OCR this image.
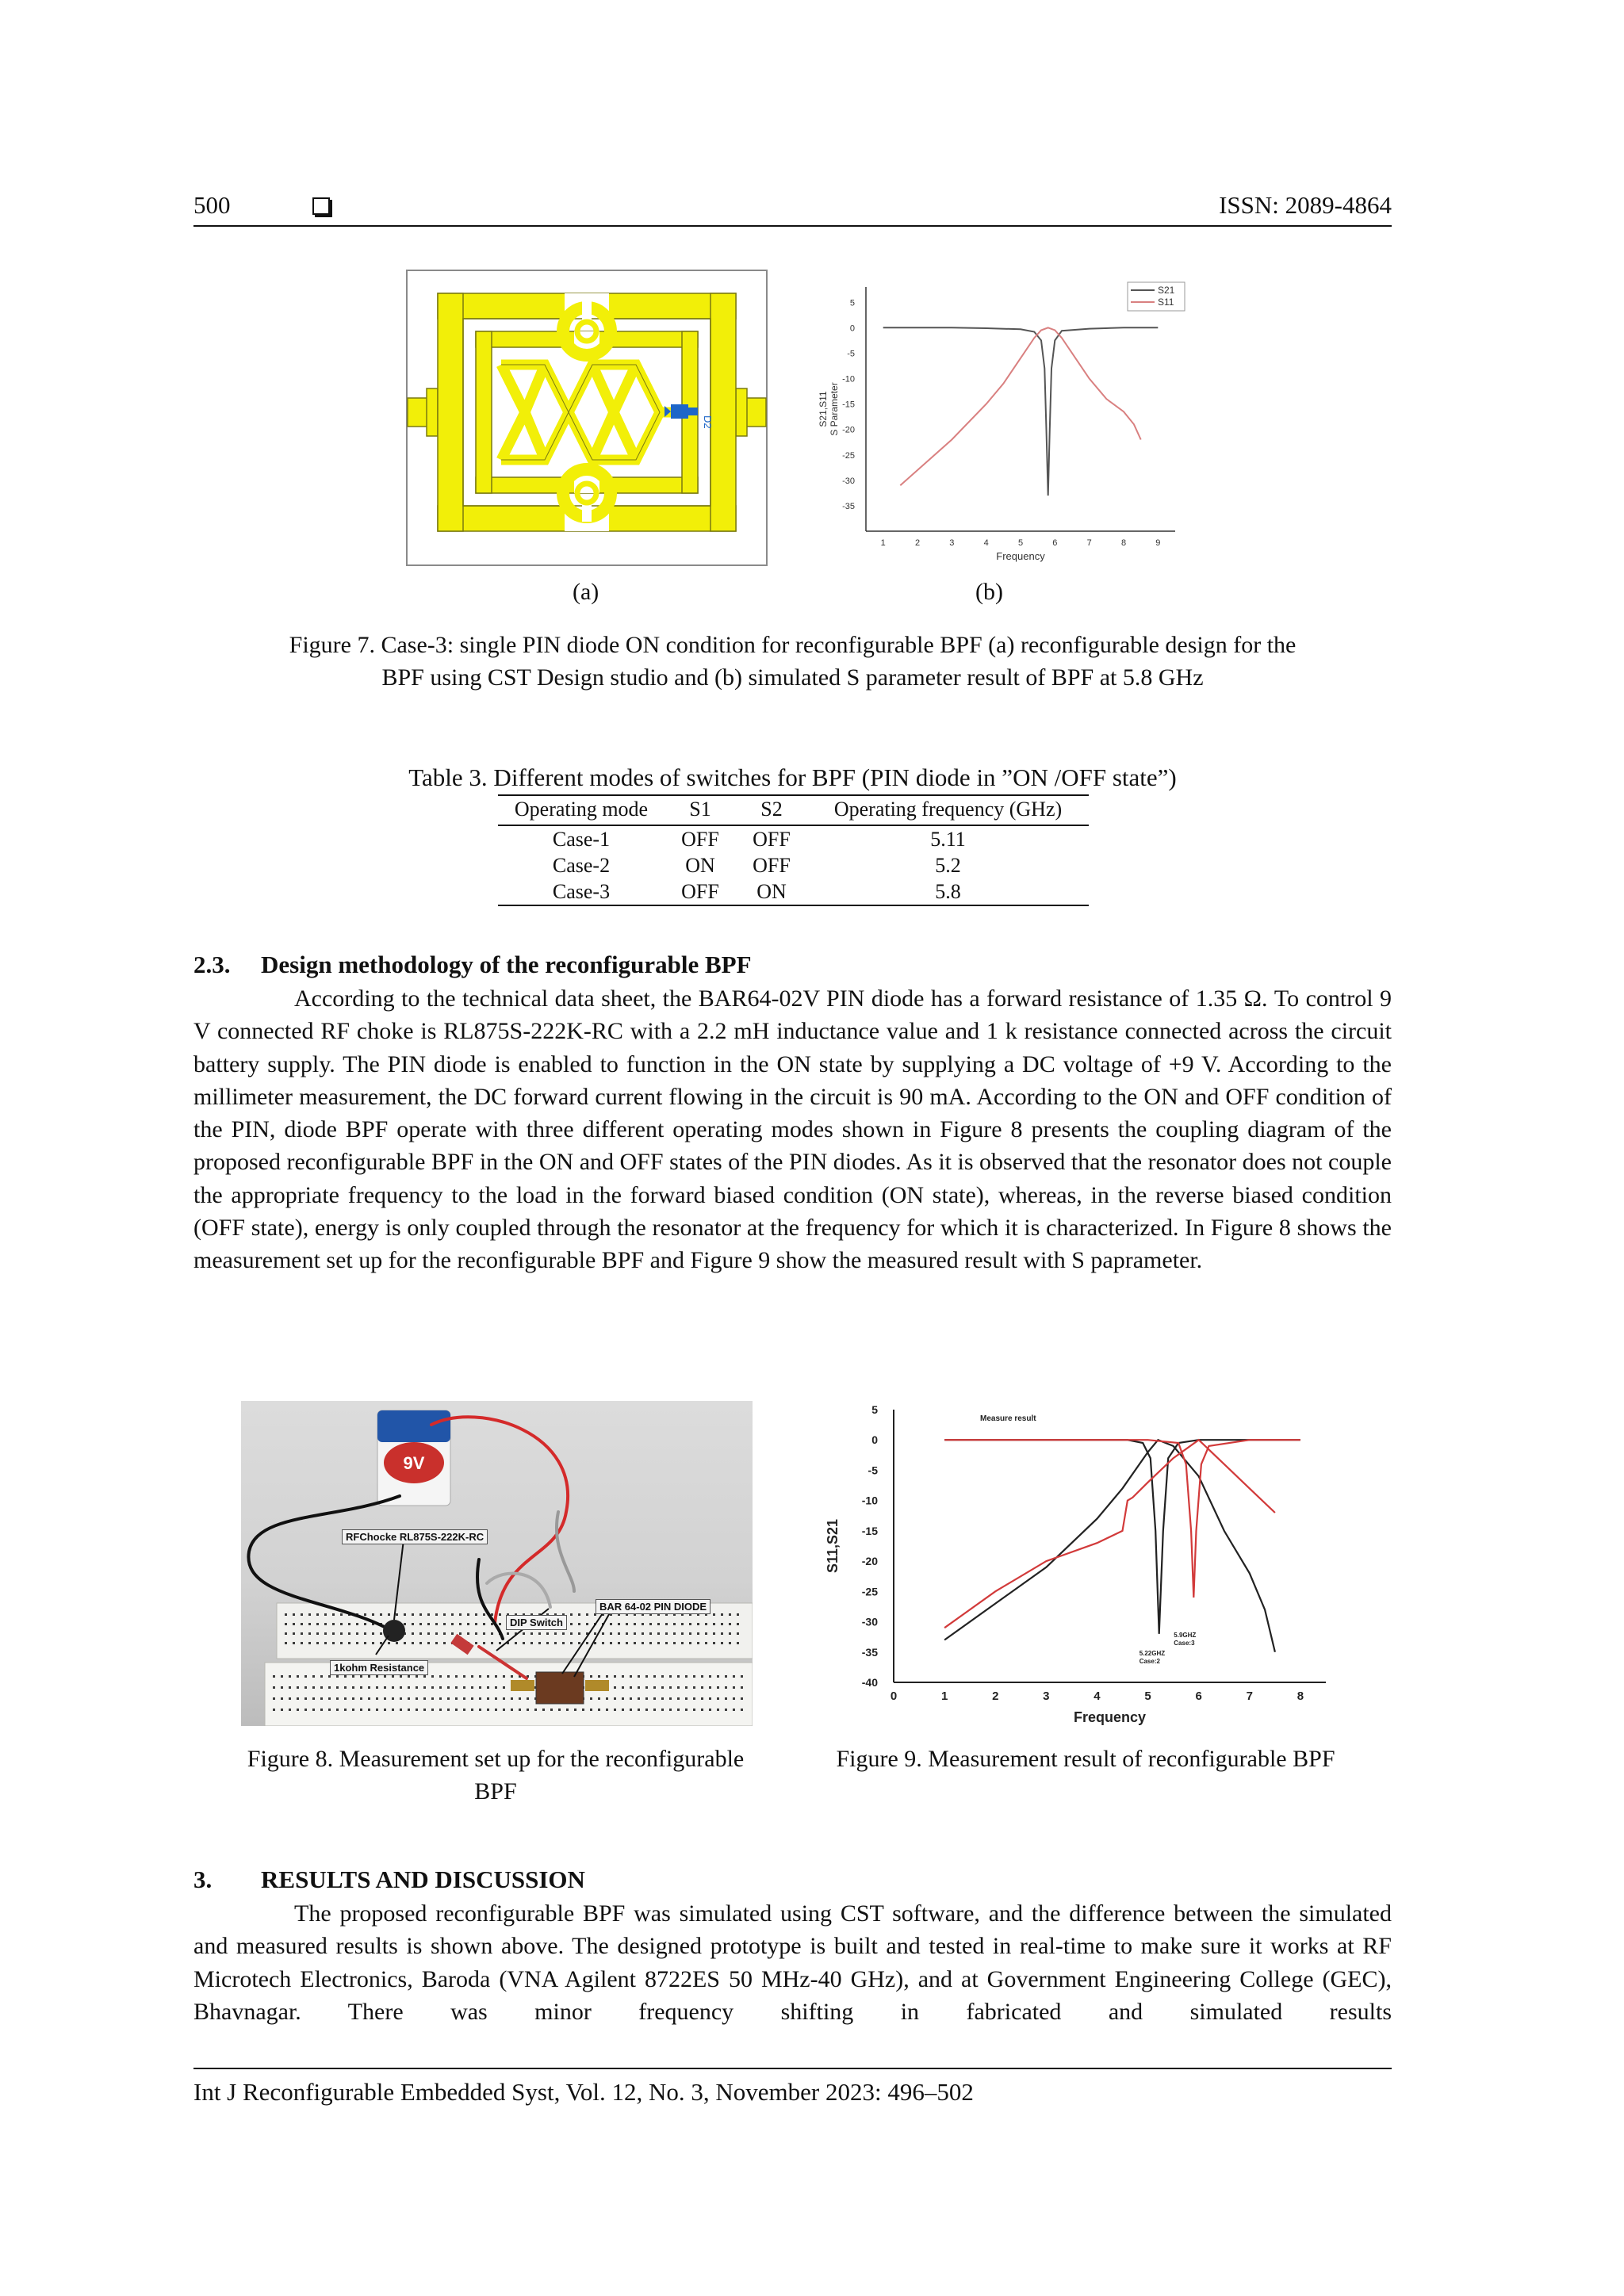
500	ISSN: 2089-4864
D2
5
0
-5
-10
-15
-20
-25
-30
-35
1	2	3	4	5	6	7	8	9
Frequency
S21,S11 S Parameter
S21
S11
(a)	(b)
Figure 7. Case-3: single PIN diode ON condition for reconfigurable BPF (a) reconfigurable design for the
BPF using CST Design studio and (b) simulated S parameter result of BPF at 5.8 GHz
Table 3. Different modes of switches for BPF (PIN diode in ”ON /OFF state”)
Operating mode	S1	S2	Operating frequency (GHz)
Case-1	OFF	OFF	5.11
Case-2	ON	OFF	5.2
Case-3	OFF	ON	5.8
2.3. Design methodology of the reconfigurable BPF

According to the technical data sheet, the BAR64-02V PIN diode has a forward resistance of 1.35 Ω. To control 9 V connected RF choke is RL875S-222K-RC with a 2.2 mH inductance value and 1 k resistance connected across the circuit battery supply. The PIN diode is enabled to function in the ON state by supplying a DC voltage of +9 V. According to the millimeter measurement, the DC forward current flowing in the circuit is 90 mA. According to the ON and OFF condition of the PIN, diode BPF operate with three different operating modes shown in Figure 8 presents the coupling diagram of the proposed reconfigurable BPF in the ON and OFF states of the PIN diodes. As it is observed that the resonator does not couple the appropriate frequency to the load in the forward biased condition (ON state), whereas, in the reverse biased condition (OFF state), energy is only coupled through the resonator at the frequency for which it is characterized. In Figure 8 shows the measurement set up for the reconfigurable BPF and Figure 9 show the measured result with S paprameter.

9V
RFChocke RL875S-222K-RC
DIP Switch
BAR 64-02 PIN DIODE
1kohm Resistance
5
0
-5
-10
-15
-20
-25
-30
-35
-40
0	1	2	3	4	5	6	7	8
Frequency
S11,S21
Measure result
5.22GHZ
Case:2
5.9GHZ
Case:3
Figure 8. Measurement set up for the reconfigurable
BPF
Figure 9. Measurement result of reconfigurable BPF
3. RESULTS AND DISCUSSION

The proposed reconfigurable BPF was simulated using CST software, and the difference between the simulated and measured results is shown above. The designed prototype is built and tested in real-time to make sure it works at RF Microtech Electronics, Baroda (VNA Agilent 8722ES 50 MHz-40 GHz), and at Government Engineering College (GEC), Bhavnagar. There was minor frequency shifting in fabricated and simulated results

Int J Reconfigurable Embedded Syst, Vol. 12, No. 3, November 2023: 496–502
